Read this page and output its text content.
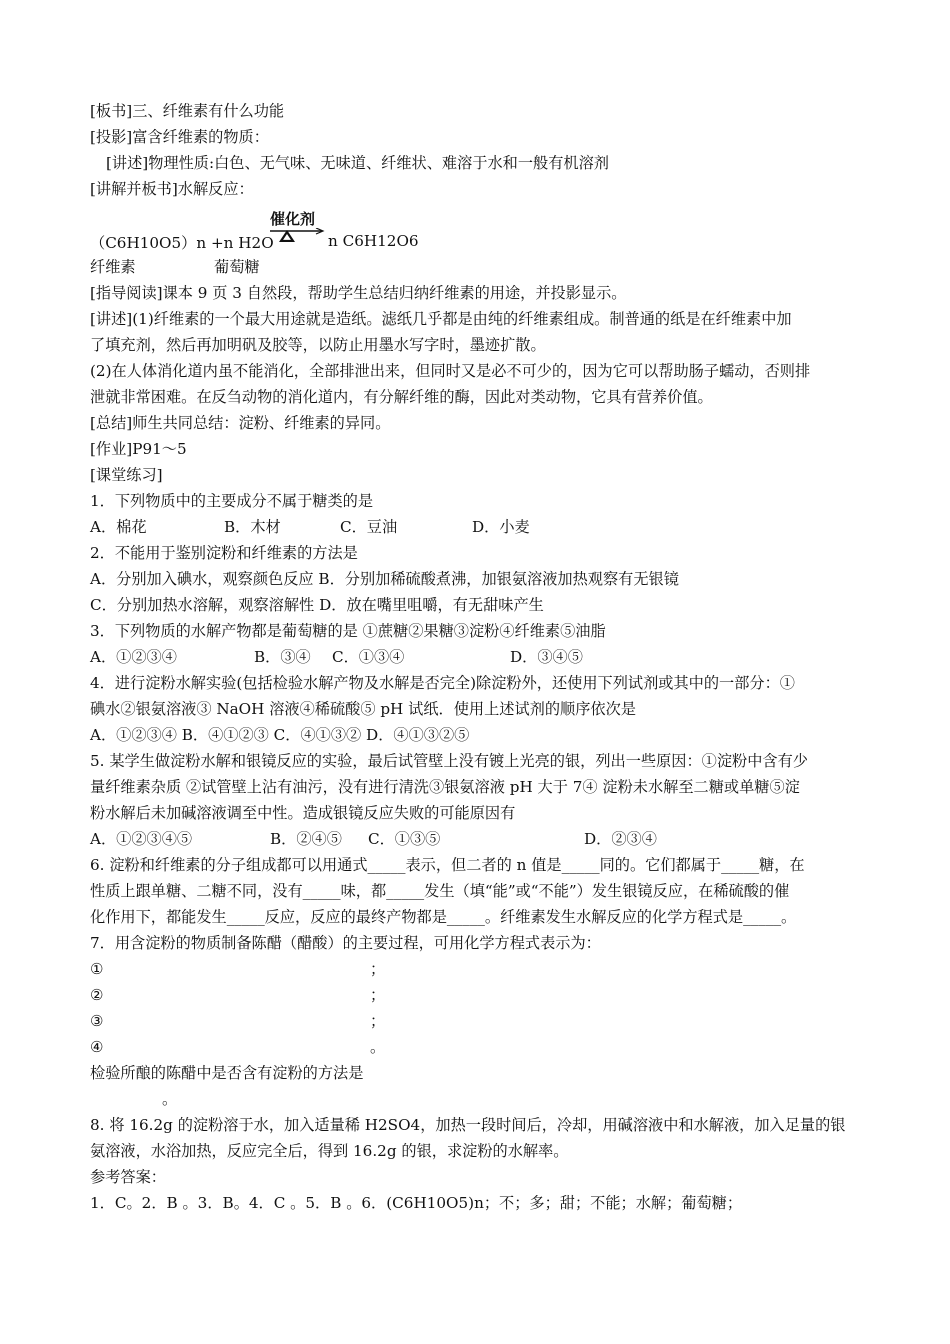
[板书]三、纤维素有什么功能
[投影]富含纤维素的物质：
[讲述]物理性质:白色、无气味、无味道、纤维状、难溶于水和一般有机溶剂
[讲解并板书]水解反应：
催化剂
（C6H10O5）n +n H2O	n C6H12O6
纤维素	葡萄糖
[指导阅读]课本 9 页 3 自然段，帮助学生总结归纳纤维素的用途，并投影显示。
[讲述](1)纤维素的一个最大用途就是造纸。滤纸几乎都是由纯的纤维素组成。制普通的纸是在纤维素中加
了填充剂，然后再加明矾及胶等，以防止用墨水写字时，墨迹扩散。
(2)在人体消化道内虽不能消化，全部排泄出来，但同时又是必不可少的，因为它可以帮助肠子蠕动，否则排
泄就非常困难。在反刍动物的消化道内，有分解纤维的酶，因此对类动物，它具有营养价值。
[总结]师生共同总结：淀粉、纤维素的异同。
[作业]P91～5
[课堂练习]
1．下列物质中的主要成分不属于糖类的是
A．棉花	B．木材	C．豆油	D．小麦
2．不能用于鉴别淀粉和纤维素的方法是
A．分别加入碘水，观察颜色反应 B．分别加稀硫酸煮沸，加银氨溶液加热观察有无银镜
C．分别加热水溶解，观察溶解性 D．放在嘴里咀嚼，有无甜味产生
3．下列物质的水解产物都是葡萄糖的是 ①蔗糖②果糖③淀粉④纤维素⑤油脂
A．①②③④	B．③④ C．①③④	D．③④⑤
4．进行淀粉水解实验(包括检验水解产物及水解是否完全)除淀粉外，还使用下列试剂或其中的一部分：①
碘水②银氨溶液③ NaOH 溶液④稀硫酸⑤ pH 试纸．使用上述试剂的顺序依次是
A．①②③④ B．④①②③ C．④①③② D．④①③②⑤
5. 某学生做淀粉水解和银镜反应的实验，最后试管壁上没有镀上光亮的银，列出一些原因：①淀粉中含有少
量纤维素杂质 ②试管壁上沾有油污，没有进行清洗③银氨溶液 pH 大于 7④ 淀粉未水解至二糖或单糖⑤淀
粉水解后未加碱溶液调至中性。造成银镜反应失败的可能原因有
A．①②③④⑤	B．②④⑤ C．①③⑤	D．②③④
6. 淀粉和纤维素的分子组成都可以用通式_____表示，但二者的 n 值是_____同的。它们都属于_____糖，在
性质上跟单糖、二糖不同，没有_____味，都_____发生（填“能”或“不能”）发生银镜反应，在稀硫酸的催
化作用下，都能发生_____反应，反应的最终产物都是_____。纤维素发生水解反应的化学方程式是_____。
7．用含淀粉的物质制备陈醋（醋酸）的主要过程，可用化学方程式表示为：
①	；
②	；
③	；
④	。
检验所酿的陈醋中是否含有淀粉的方法是
。
8. 将 16.2g 的淀粉溶于水，加入适量稀 H2SO4，加热一段时间后，冷却，用碱溶液中和水解液，加入足量的银
氨溶液，水浴加热，反应完全后，得到 16.2g 的银，求淀粉的水解率。
参考答案：
1．C。2．B 。3．B。4．C 。5．B 。6．(C6H10O5)n；不；多；甜；不能；水解；葡萄糖；
